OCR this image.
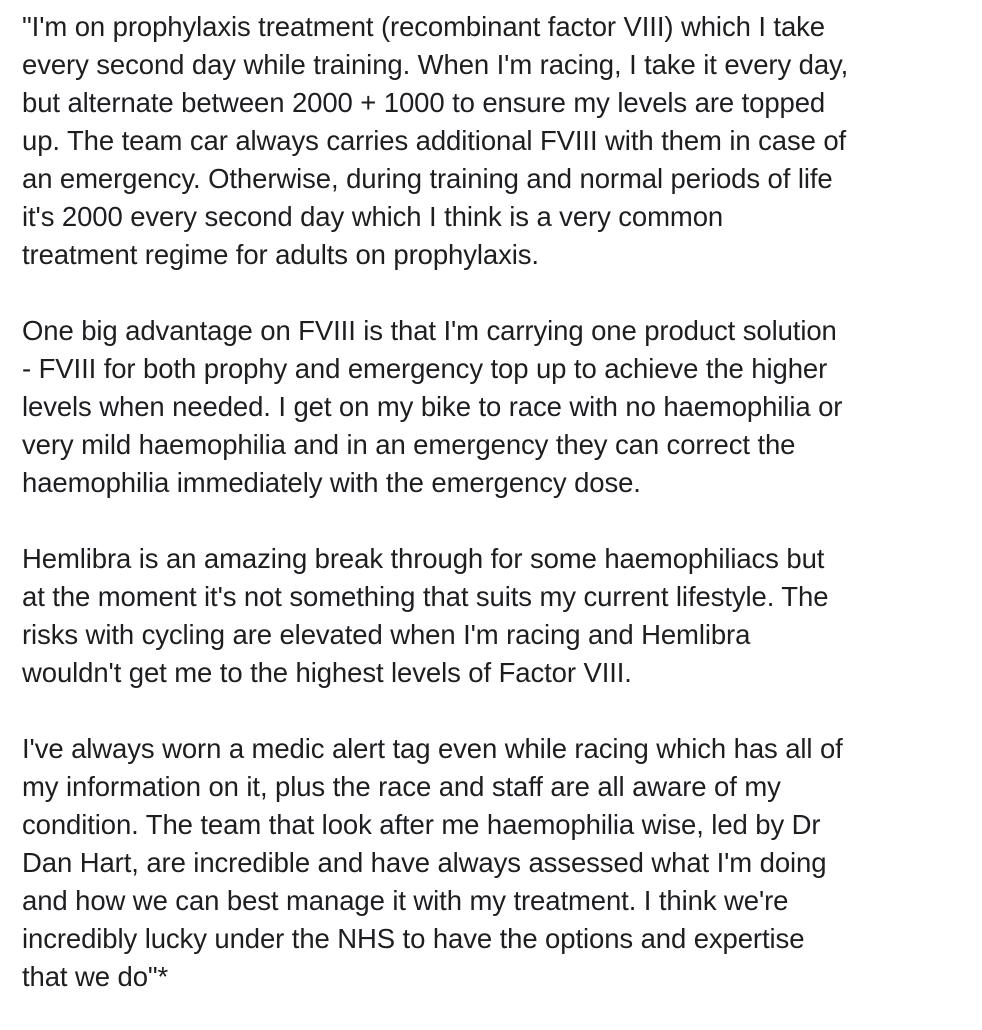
"I'm on prophylaxis treatment (recombinant factor VIII) which I take
every second day while training. When I'm racing, I take it every day,
but alternate between 2000 + 1000 to ensure my levels are topped
up. The team car always carries additional FVIII with them in case of
an emergency. Otherwise, during training and normal periods of life
it's 2000 every second day which I think is a very common
treatment regime for adults on prophylaxis.

One big advantage on FVIII is that I'm carrying one product solution
- FVIII for both prophy and emergency top up to achieve the higher
levels when needed. I get on my bike to race with no haemophilia or
very mild haemophilia and in an emergency they can correct the
haemophilia immediately with the emergency dose.

Hemlibra is an amazing break through for some haemophiliacs but
at the moment it's not something that suits my current lifestyle. The
risks with cycling are elevated when I'm racing and Hemlibra
wouldn't get me to the highest levels of Factor VIII.

I've always worn a medic alert tag even while racing which has all of
my information on it, plus the race and staff are all aware of my
condition. The team that look after me haemophilia wise, led by Dr
Dan Hart, are incredible and have always assessed what I'm doing
and how we can best manage it with my treatment. I think we're
incredibly lucky under the NHS to have the options and expertise
that we do"*
